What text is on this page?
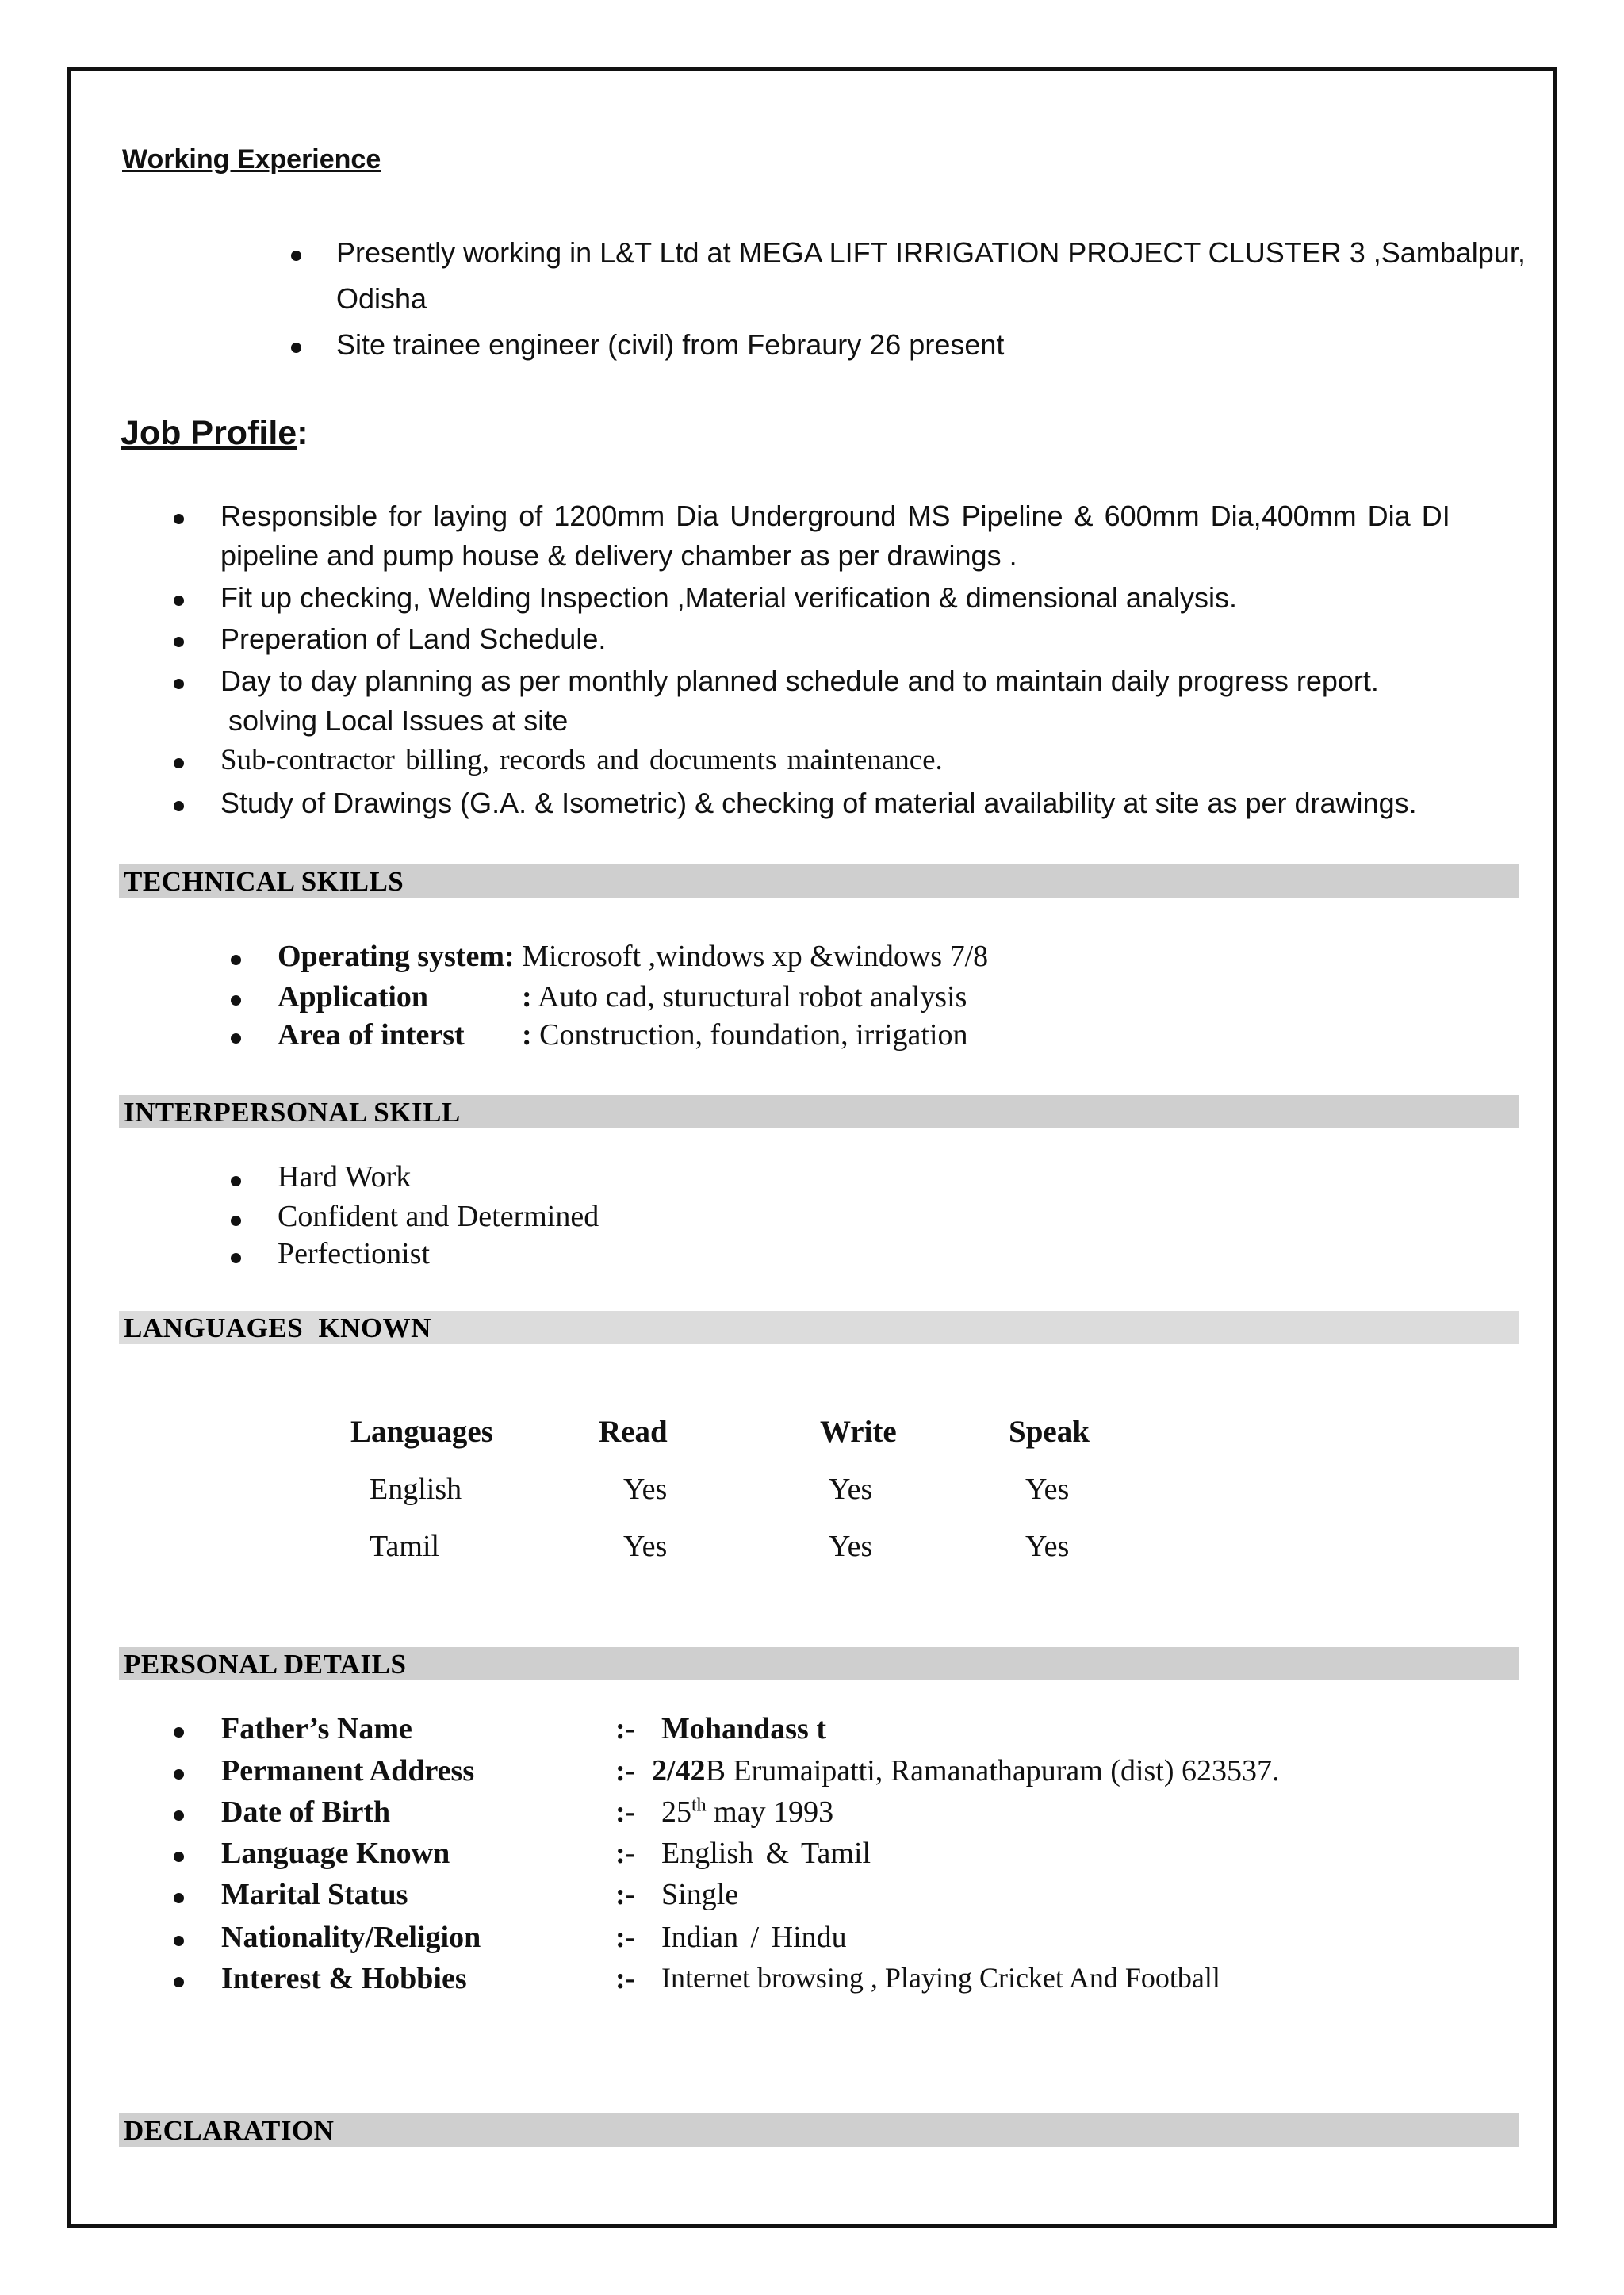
Working Experience
Presently working in L&T Ltd at MEGA LIFT IRRIGATION PROJECT CLUSTER 3 ,Sambalpur,
Odisha
Site trainee engineer (civil) from Febraury 26 present
Job Profile:
Responsible for laying of 1200mm Dia Underground MS Pipeline & 600mm Dia,400mm Dia DI
pipeline and pump house & delivery chamber as per drawings .
Fit up checking, Welding Inspection ,Material verification & dimensional analysis.
Preperation of Land Schedule.
Day to day planning as per monthly planned schedule and to maintain daily progress report.
solving Local Issues at site
Sub-contractor billing, records and documents maintenance.
Study of Drawings (G.A. & Isometric) & checking of material availability at site as per drawings.
TECHNICAL SKILLS
Operating system: Microsoft ,windows xp &windows 7/8
Application	: Auto cad, stuructural robot analysis
Area of interst : Construction, foundation, irrigation
INTERPERSONAL SKILL
Hard Work
Confident and Determined
Perfectionist
LANGUAGES KNOWN
Languages	Read	Write	Speak
English	Yes	Yes	Yes
Tamil	Yes	Yes	Yes
PERSONAL DETAILS
Father’s Name	:- Mohandass t
Permanent Address	:- 2/42B Erumaipatti, Ramanathapuram (dist) 623537.
Date of Birth	:- 25th may 1993
Language Known	:- English & Tamil
Marital Status	:- Single
Nationality/Religion	:- Indian / Hindu
Interest & Hobbies	:- Internet browsing , Playing Cricket And Football
DECLARATION
